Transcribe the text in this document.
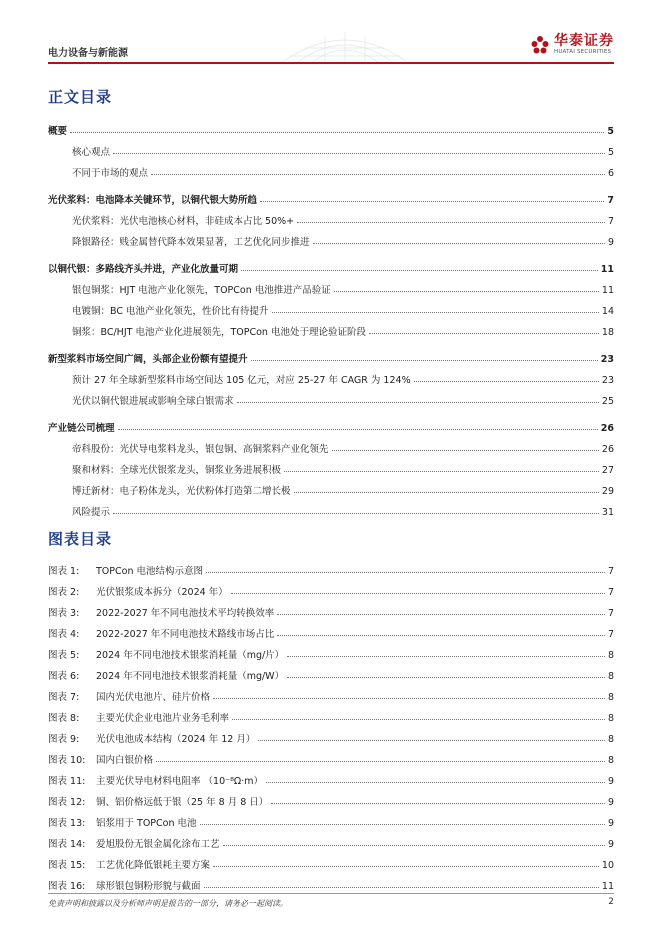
电力设备与新能源
华泰证券
HUATAI SECURITIES
正文目录
概要	5
核心观点	5
不同于市场的观点	6
光伏浆料：电池降本关键环节，以铜代银大势所趋	7
光伏浆料：光伏电池核心材料，非硅成本占比 50%+	7
降银路径：贱金属替代降本效果显著，工艺优化同步推进	9
以铜代银：多路线齐头并进，产业化放量可期	11
银包铜浆：HJT 电池产业化领先，TOPCon 电池推进产品验证	11
电镀铜：BC 电池产业化领先，性价比有待提升	14
铜浆：BC/HJT 电池产业化进展领先，TOPCon 电池处于理论验证阶段	18
新型浆料市场空间广阔，头部企业份额有望提升	23
预计 27 年全球新型浆料市场空间达 105 亿元，对应 25-27 年 CAGR 为 124%	23
光伏以铜代银进展或影响全球白银需求	25
产业链公司梳理	26
帝科股份：光伏导电浆料龙头，银包铜、高铜浆料产业化领先	26
聚和材料：全球光伏银浆龙头，铜浆业务进展积极	27
博迁新材：电子粉体龙头，光伏粉体打造第二增长极	29
风险提示	31
图表目录
图表 1: TOPCon 电池结构示意图	7
图表 2: 光伏银浆成本拆分（2024 年）	7
图表 3: 2022-2027 年不同电池技术平均转换效率	7
图表 4: 2022-2027 年不同电池技术路线市场占比	7
图表 5: 2024 年不同电池技术银浆消耗量（mg/片）	8
图表 6: 2024 年不同电池技术银浆消耗量（mg/W）	8
图表 7: 国内光伏电池片、硅片价格	8
图表 8: 主要光伏企业电池片业务毛利率	8
图表 9: 光伏电池成本结构（2024 年 12 月）	8
图表 10: 国内白银价格	8
图表 11: 主要光伏导电材料电阻率 （10⁻⁸Ω·m）	9
图表 12: 铜、铝价格远低于银（25 年 8 月 8 日）	9
图表 13: 铝浆用于 TOPCon 电池	9
图表 14: 爱旭股份无银金属化涂布工艺	9
图表 15: 工艺优化降低银耗主要方案	10
图表 16: 球形银包铜粉形貌与截面	11
免责声明和披露以及分析师声明是报告的一部分，请务必一起阅读。	2
